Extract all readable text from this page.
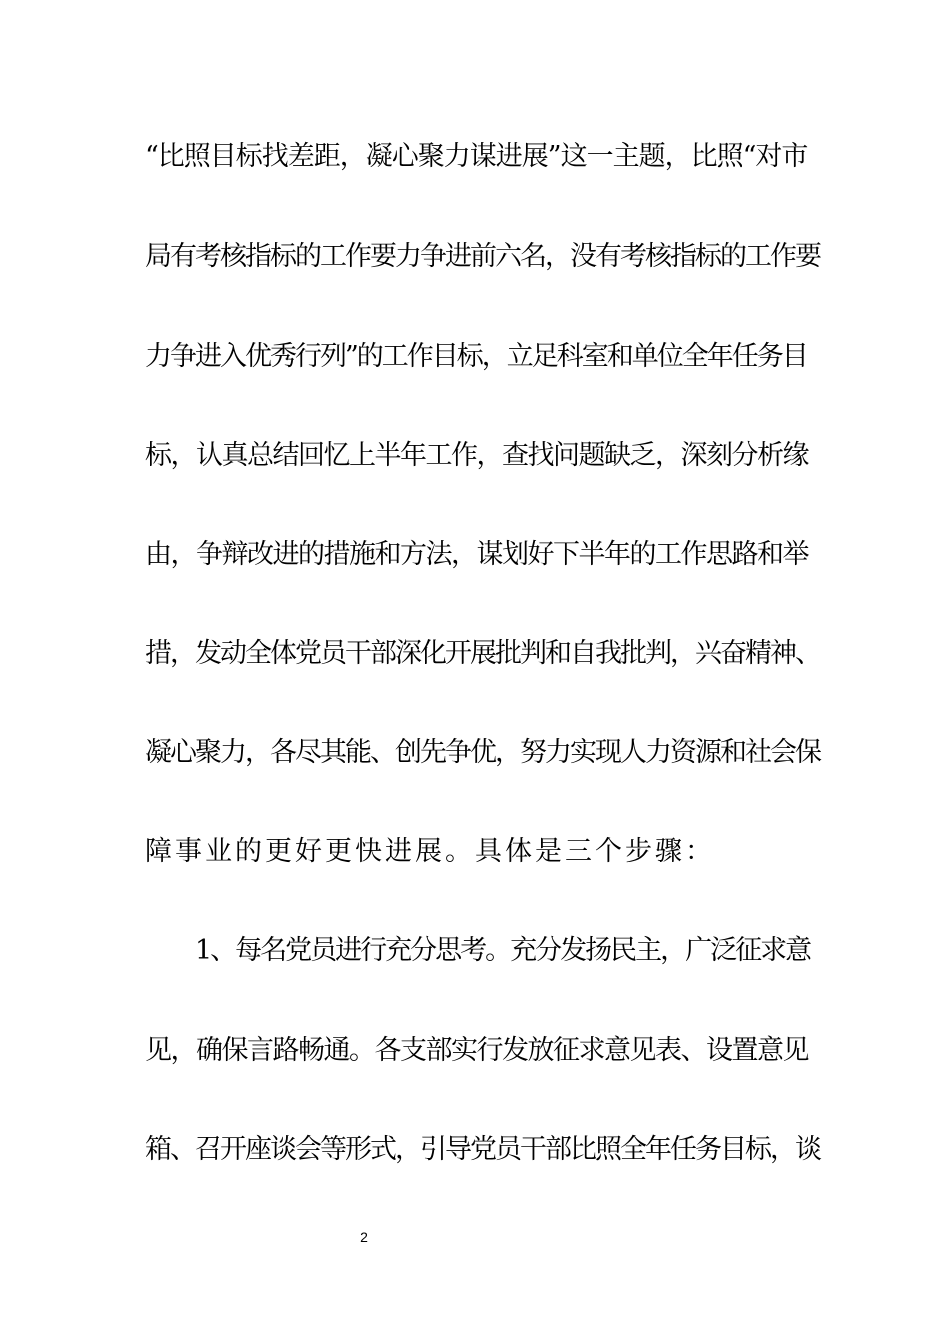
“比照目标找差距，凝心聚力谋进展”这一主题，比照“对市
局有考核指标的工作要力争进前六名，没有考核指标的工作要
力争进入优秀行列”的工作目标，立足科室和单位全年任务目
标，认真总结回忆上半年工作，查找问题缺乏，深刻分析缘
由，争辩改进的措施和方法，谋划好下半年的工作思路和举
措，发动全体党员干部深化开展批判和自我批判，兴奋精神、
凝心聚力，各尽其能、创先争优，努力实现人力资源和社会保
障事业的更好更快进展。具体是三个步骤：
1、每名党员进行充分思考。充分发扬民主，广泛征求意
见，确保言路畅通。各支部实行发放征求意见表、设置意见
箱、召开座谈会等形式，引导党员干部比照全年任务目标，谈
2
